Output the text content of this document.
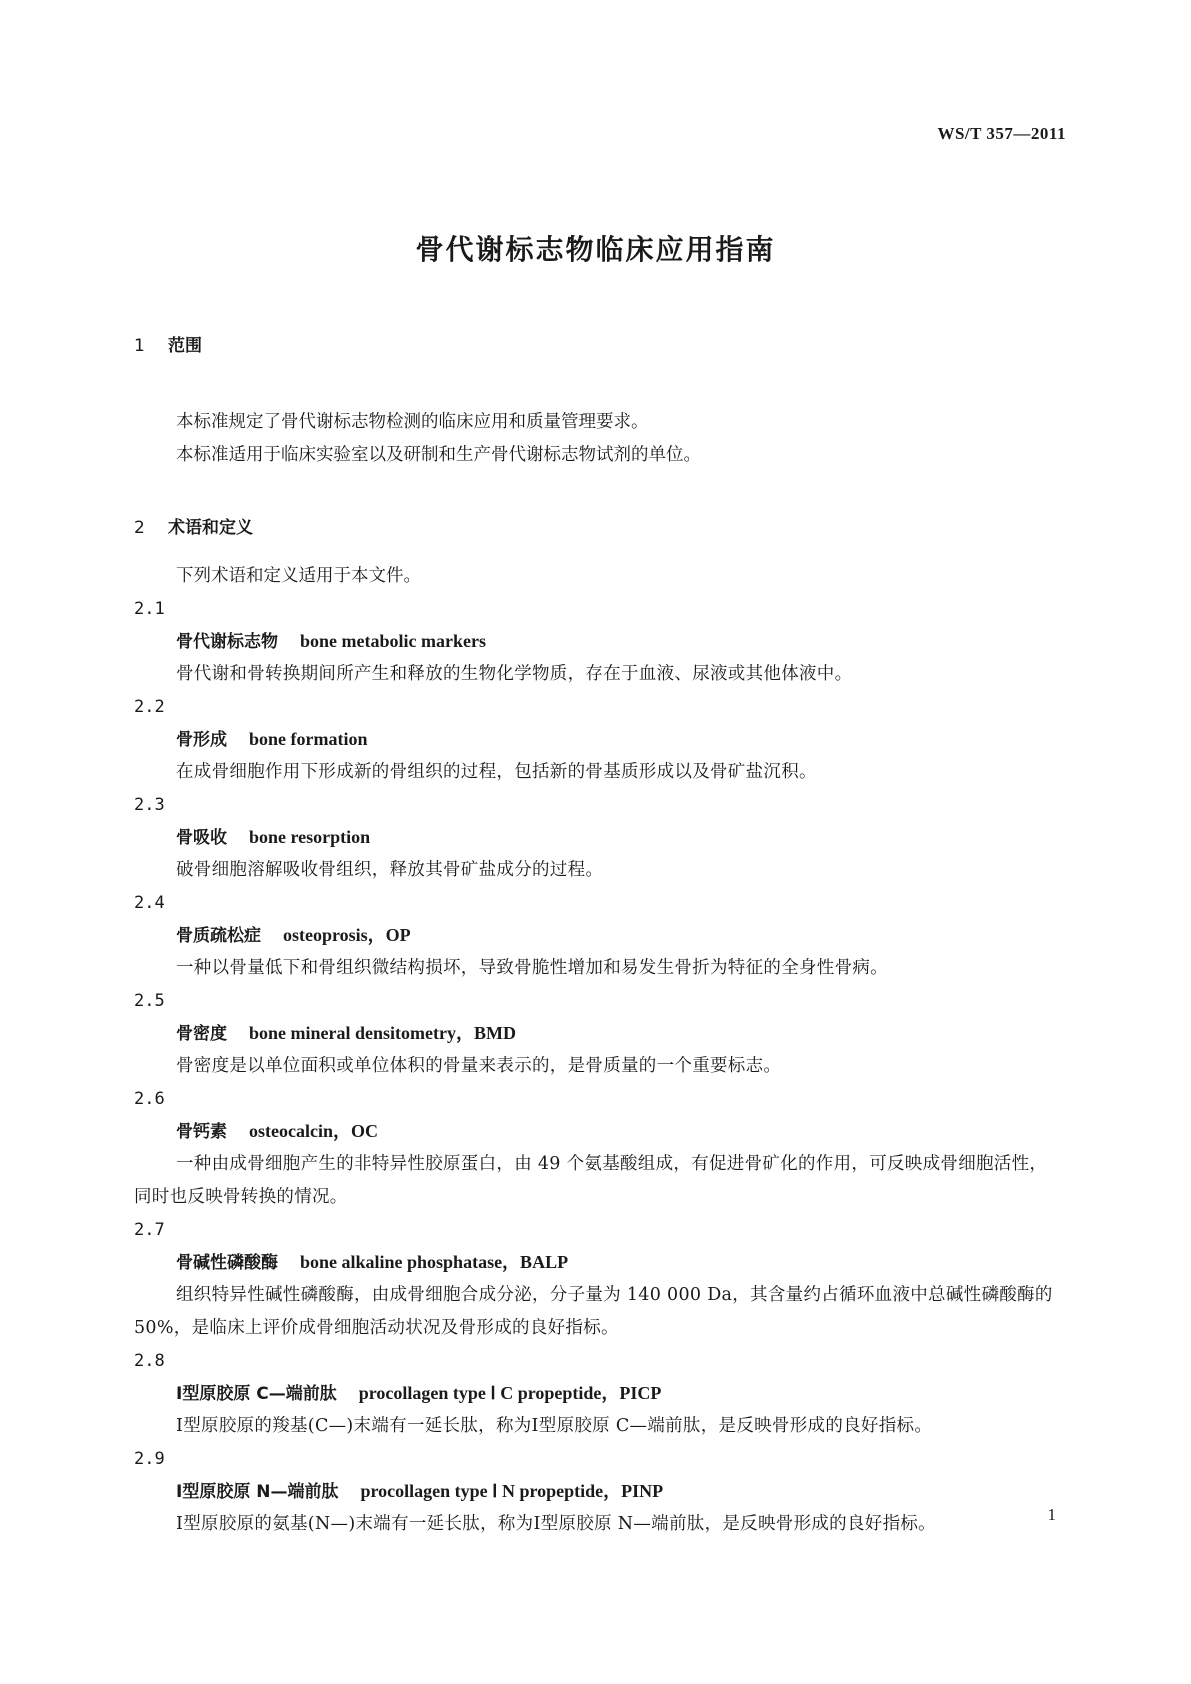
WS/T 357—2011
骨代谢标志物临床应用指南
1 范围
本标准规定了骨代谢标志物检测的临床应用和质量管理要求。
本标准适用于临床实验室以及研制和生产骨代谢标志物试剂的单位。
2 术语和定义
下列术语和定义适用于本文件。
2.1
骨代谢标志物 bone metabolic markers
骨代谢和骨转换期间所产生和释放的生物化学物质，存在于血液、尿液或其他体液中。
2.2
骨形成 bone formation
在成骨细胞作用下形成新的骨组织的过程，包括新的骨基质形成以及骨矿盐沉积。
2.3
骨吸收 bone resorption
破骨细胞溶解吸收骨组织，释放其骨矿盐成分的过程。
2.4
骨质疏松症 osteoprosis，OP
一种以骨量低下和骨组织微结构损坏，导致骨脆性增加和易发生骨折为特征的全身性骨病。
2.5
骨密度 bone mineral densitometry，BMD
骨密度是以单位面积或单位体积的骨量来表示的，是骨质量的一个重要标志。
2.6
骨钙素 osteocalcin，OC
一种由成骨细胞产生的非特异性胶原蛋白，由 49 个氨基酸组成，有促进骨矿化的作用，可反映成骨细胞活性，同时也反映骨转换的情况。
2.7
骨碱性磷酸酶 bone alkaline phosphatase，BALP
组织特异性碱性磷酸酶，由成骨细胞合成分泌，分子量为 140 000 Da，其含量约占循环血液中总碱性磷酸酶的 50%，是临床上评价成骨细胞活动状况及骨形成的良好指标。
2.8
Ⅰ型原胶原 C—端前肽 procollagen type Ⅰ C propeptide，PICP
Ⅰ型原胶原的羧基(C—)末端有一延长肽，称为Ⅰ型原胶原 C—端前肽，是反映骨形成的良好指标。
2.9
Ⅰ型原胶原 N—端前肽 procollagen type Ⅰ N propeptide，PINP
Ⅰ型原胶原的氨基(N—)末端有一延长肽，称为Ⅰ型原胶原 N—端前肽，是反映骨形成的良好指标。	1
